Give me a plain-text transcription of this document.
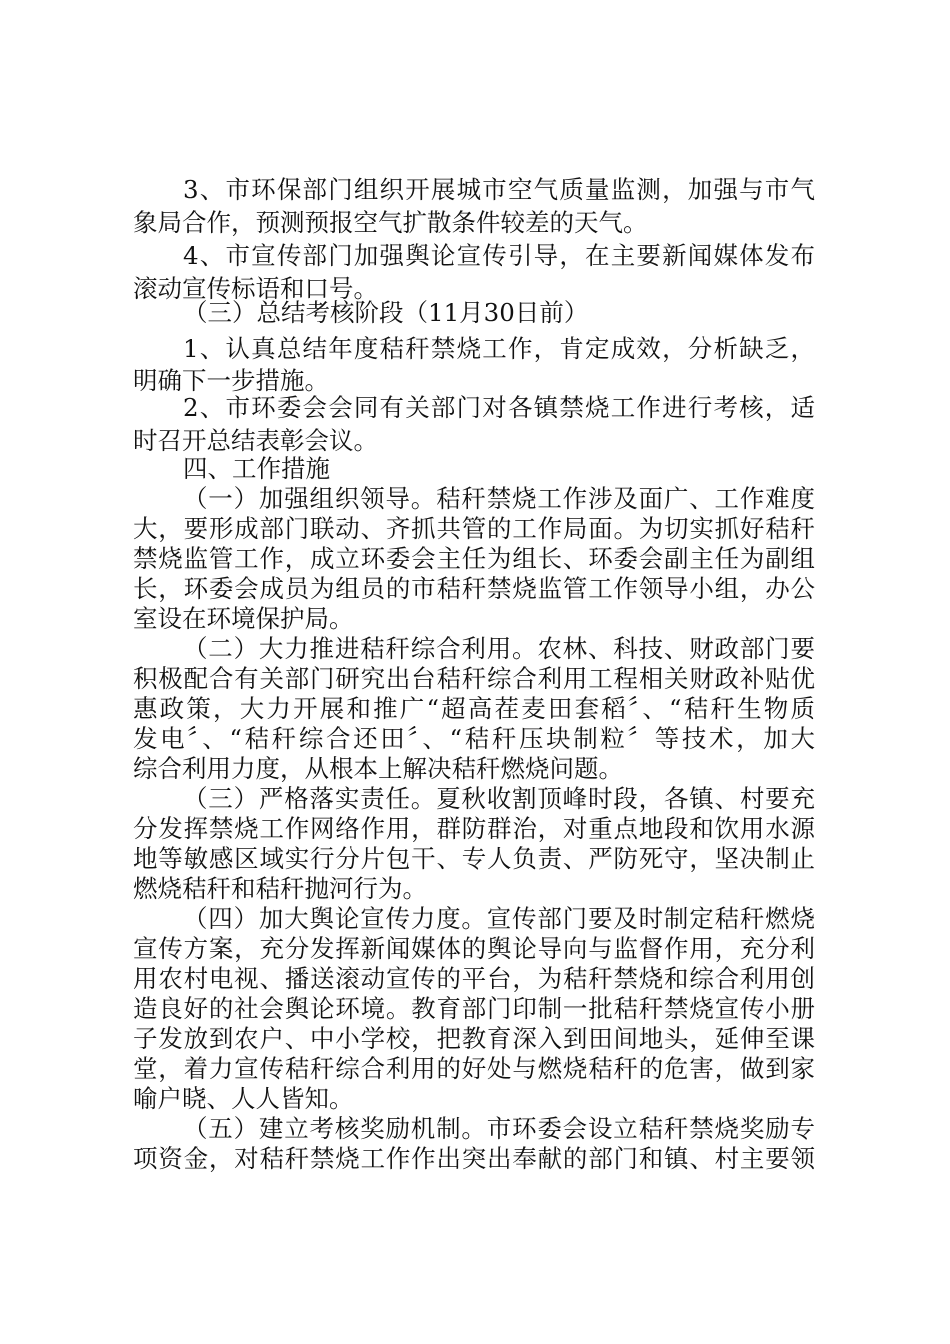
3、市环保部门组织开展城市空气质量监测，加强与市气
象局合作，预测预报空气扩散条件较差的天气。
4、市宣传部门加强舆论宣传引导，在主要新闻媒体发布
滚动宣传标语和口号。
（三）总结考核阶段（11月30日前）
1、认真总结年度秸秆禁烧工作，肯定成效，分析缺乏，
明确下一步措施。
2、市环委会会同有关部门对各镇禁烧工作进行考核，适
时召开总结表彰会议。
四、工作措施
（一）加强组织领导。秸秆禁烧工作涉及面广、工作难度
大，要形成部门联动、齐抓共管的工作局面。为切实抓好秸秆
禁烧监管工作，成立环委会主任为组长、环委会副主任为副组
长，环委会成员为组员的市秸秆禁烧监管工作领导小组，办公
室设在环境保护局。
（二）大力推进秸秆综合利用。农林、科技、财政部门要
积极配合有关部门研究出台秸秆综合利用工程相关财政补贴优
惠政策，大力开展和推广“超高茬麦田套稻〞、“秸秆生物质
发电〞、“秸秆综合还田〞、“秸秆压块制粒〞等技术，加大
综合利用力度，从根本上解决秸秆燃烧问题。
（三）严格落实责任。夏秋收割顶峰时段，各镇、村要充
分发挥禁烧工作网络作用，群防群治，对重点地段和饮用水源
地等敏感区域实行分片包干、专人负责、严防死守，坚决制止
燃烧秸秆和秸秆抛河行为。
（四）加大舆论宣传力度。宣传部门要及时制定秸秆燃烧
宣传方案，充分发挥新闻媒体的舆论导向与监督作用，充分利
用农村电视、播送滚动宣传的平台，为秸秆禁烧和综合利用创
造良好的社会舆论环境。教育部门印制一批秸秆禁烧宣传小册
子发放到农户、中小学校，把教育深入到田间地头，延伸至课
堂，着力宣传秸秆综合利用的好处与燃烧秸秆的危害，做到家
喻户晓、人人皆知。
（五）建立考核奖励机制。市环委会设立秸秆禁烧奖励专
项资金，对秸秆禁烧工作作出突出奉献的部门和镇、村主要领
